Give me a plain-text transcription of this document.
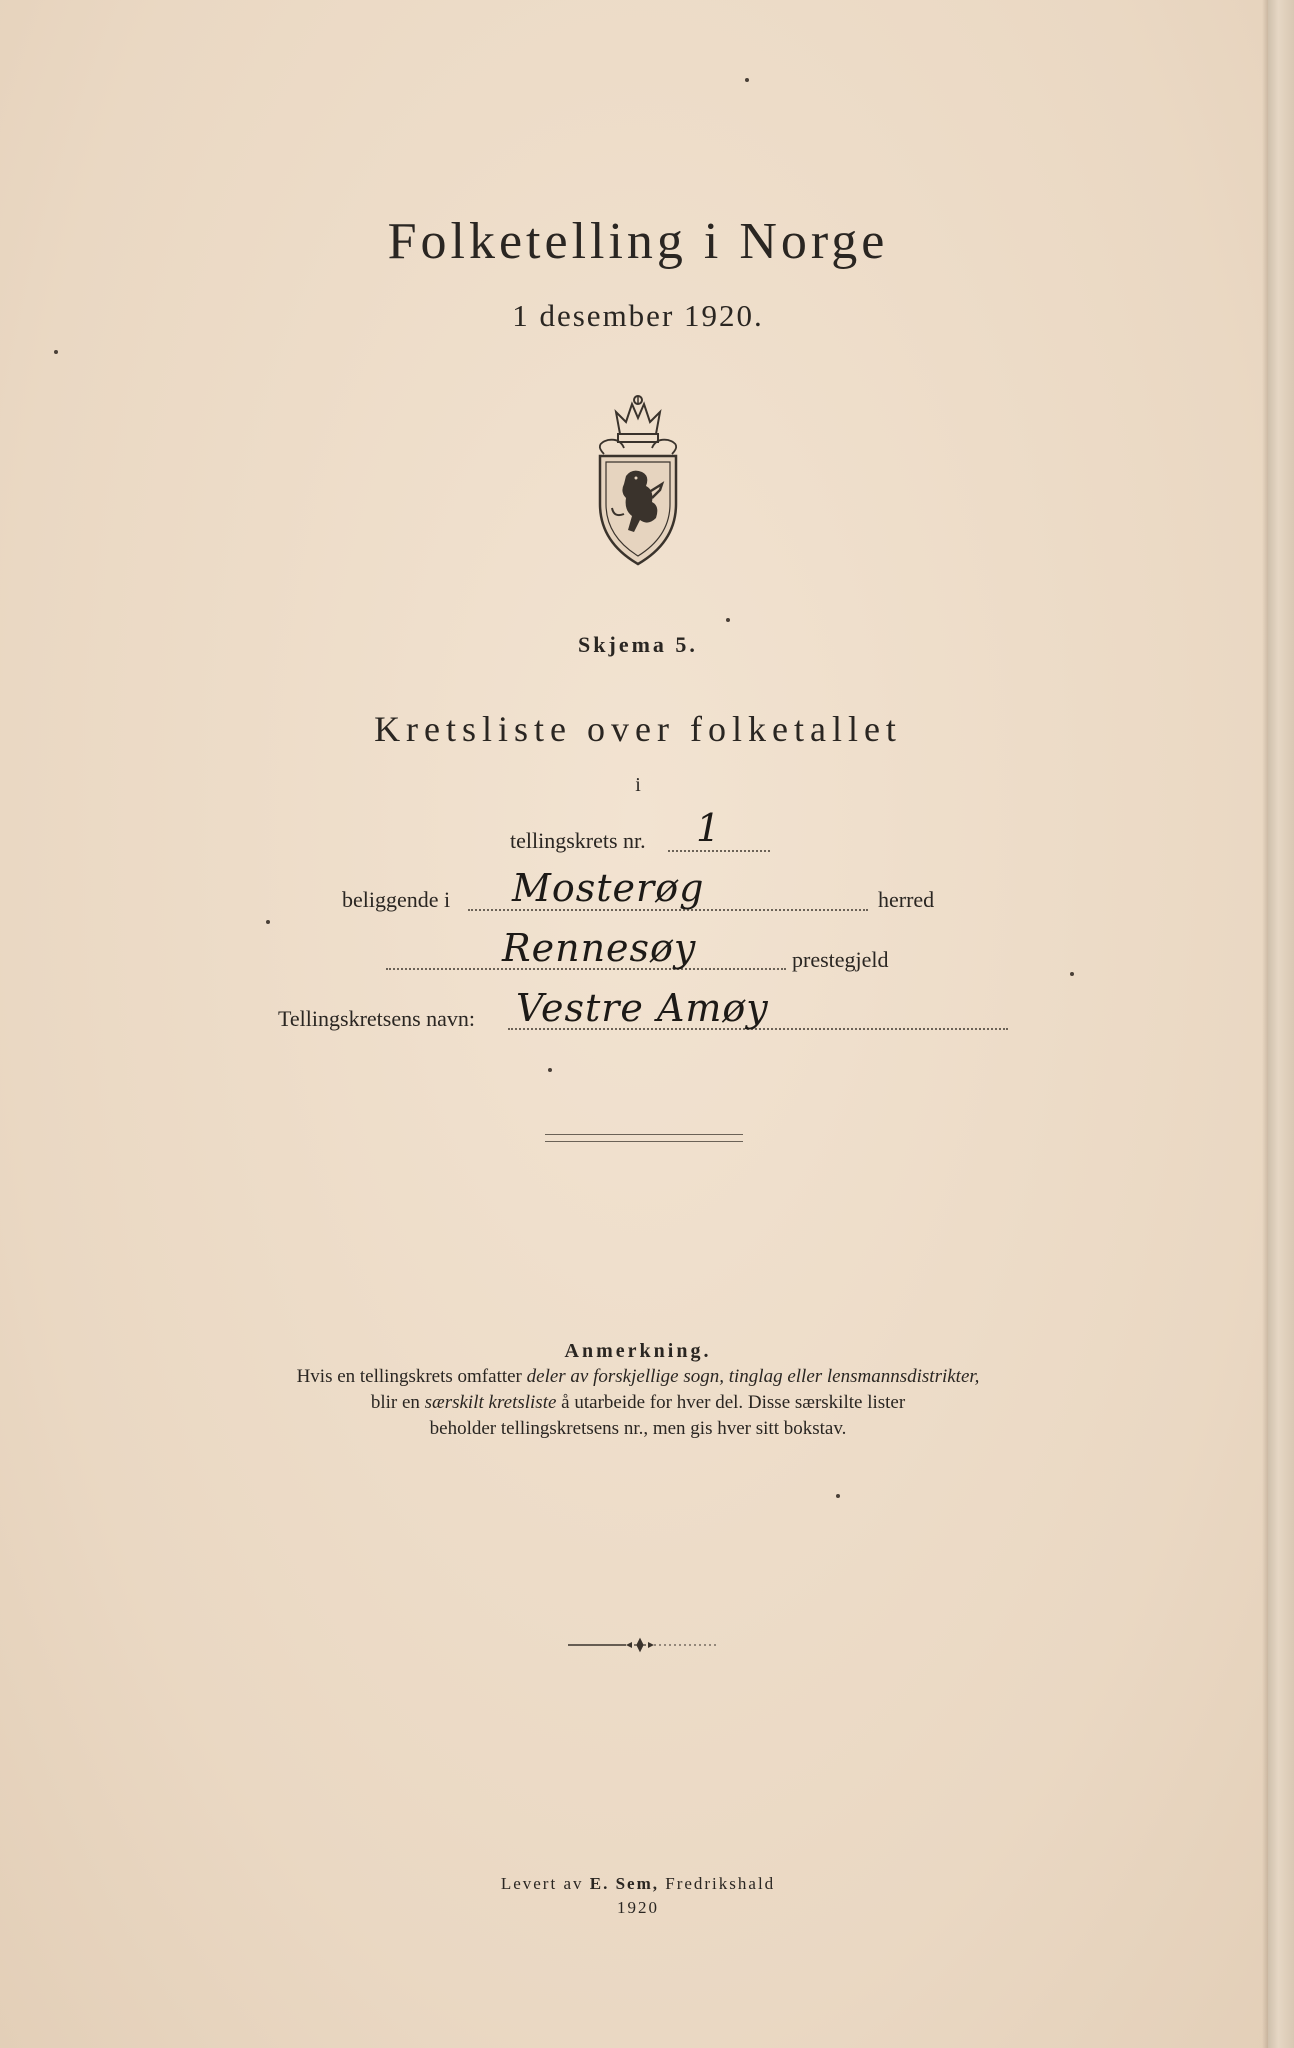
Folketelling i Norge
1 desember 1920.
Skjema 5.
Kretsliste over folketallet
i
tellingskrets nr. 1
beliggende i Mosterøg	herred
Rennesøy	prestegjeld
Tellingskretsens navn: Vestre Amøy
Anmerkning.
Hvis en tellingskrets omfatter deler av forskjellige sogn, tinglag eller lensmannsdistrikter,
blir en særskilt kretsliste å utarbeide for hver del. Disse særskilte lister
beholder tellingskretsens nr., men gis hver sitt bokstav.
Levert av E. Sem, Fredrikshald
1920
